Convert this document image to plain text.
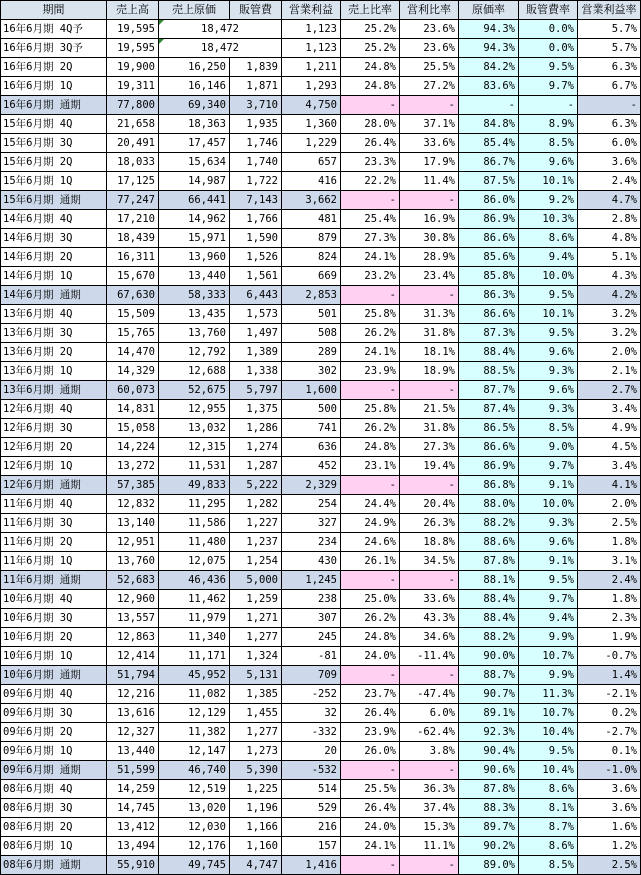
期間	売上高	売上原価	販管費	営業利益	売上比率	営利比率	原価率	販管費率	営業利益率
16年6月期 4Q予	19,595	18,472		1,123	25.2%	23.6%	94.3%	0.0%	5.7%
16年6月期 3Q予	19,595	18,472		1,123	25.2%	23.6%	94.3%	0.0%	5.7%
16年6月期 2Q	19,900	16,250	1,839	1,211	24.8%	25.5%	84.2%	9.5%	6.3%
16年6月期 1Q	19,311	16,146	1,871	1,293	24.8%	27.2%	83.6%	9.7%	6.7%
16年6月期 通期	77,800	69,340	3,710	4,750	-	-	-	-	-
15年6月期 4Q	21,658	18,363	1,935	1,360	28.0%	37.1%	84.8%	8.9%	6.3%
15年6月期 3Q	20,491	17,457	1,746	1,229	26.4%	33.6%	85.4%	8.5%	6.0%
15年6月期 2Q	18,033	15,634	1,740	657	23.3%	17.9%	86.7%	9.6%	3.6%
15年6月期 1Q	17,125	14,987	1,722	416	22.2%	11.4%	87.5%	10.1%	2.4%
15年6月期 通期	77,247	66,441	7,143	3,662	-	-	86.0%	9.2%	4.7%
14年6月期 4Q	17,210	14,962	1,766	481	25.4%	16.9%	86.9%	10.3%	2.8%
14年6月期 3Q	18,439	15,971	1,590	879	27.3%	30.8%	86.6%	8.6%	4.8%
14年6月期 2Q	16,311	13,960	1,526	824	24.1%	28.9%	85.6%	9.4%	5.1%
14年6月期 1Q	15,670	13,440	1,561	669	23.2%	23.4%	85.8%	10.0%	4.3%
14年6月期 通期	67,630	58,333	6,443	2,853	-	-	86.3%	9.5%	4.2%
13年6月期 4Q	15,509	13,435	1,573	501	25.8%	31.3%	86.6%	10.1%	3.2%
13年6月期 3Q	15,765	13,760	1,497	508	26.2%	31.8%	87.3%	9.5%	3.2%
13年6月期 2Q	14,470	12,792	1,389	289	24.1%	18.1%	88.4%	9.6%	2.0%
13年6月期 1Q	14,329	12,688	1,338	302	23.9%	18.9%	88.5%	9.3%	2.1%
13年6月期 通期	60,073	52,675	5,797	1,600	-	-	87.7%	9.6%	2.7%
12年6月期 4Q	14,831	12,955	1,375	500	25.8%	21.5%	87.4%	9.3%	3.4%
12年6月期 3Q	15,058	13,032	1,286	741	26.2%	31.8%	86.5%	8.5%	4.9%
12年6月期 2Q	14,224	12,315	1,274	636	24.8%	27.3%	86.6%	9.0%	4.5%
12年6月期 1Q	13,272	11,531	1,287	452	23.1%	19.4%	86.9%	9.7%	3.4%
12年6月期 通期	57,385	49,833	5,222	2,329	-	-	86.8%	9.1%	4.1%
11年6月期 4Q	12,832	11,295	1,282	254	24.4%	20.4%	88.0%	10.0%	2.0%
11年6月期 3Q	13,140	11,586	1,227	327	24.9%	26.3%	88.2%	9.3%	2.5%
11年6月期 2Q	12,951	11,480	1,237	234	24.6%	18.8%	88.6%	9.6%	1.8%
11年6月期 1Q	13,760	12,075	1,254	430	26.1%	34.5%	87.8%	9.1%	3.1%
11年6月期 通期	52,683	46,436	5,000	1,245	-	-	88.1%	9.5%	2.4%
10年6月期 4Q	12,960	11,462	1,259	238	25.0%	33.6%	88.4%	9.7%	1.8%
10年6月期 3Q	13,557	11,979	1,271	307	26.2%	43.3%	88.4%	9.4%	2.3%
10年6月期 2Q	12,863	11,340	1,277	245	24.8%	34.6%	88.2%	9.9%	1.9%
10年6月期 1Q	12,414	11,171	1,324	-81	24.0%	-11.4%	90.0%	10.7%	-0.7%
10年6月期 通期	51,794	45,952	5,131	709	-	-	88.7%	9.9%	1.4%
09年6月期 4Q	12,216	11,082	1,385	-252	23.7%	-47.4%	90.7%	11.3%	-2.1%
09年6月期 3Q	13,616	12,129	1,455	32	26.4%	6.0%	89.1%	10.7%	0.2%
09年6月期 2Q	12,327	11,382	1,277	-332	23.9%	-62.4%	92.3%	10.4%	-2.7%
09年6月期 1Q	13,440	12,147	1,273	20	26.0%	3.8%	90.4%	9.5%	0.1%
09年6月期 通期	51,599	46,740	5,390	-532	-	-	90.6%	10.4%	-1.0%
08年6月期 4Q	14,259	12,519	1,225	514	25.5%	36.3%	87.8%	8.6%	3.6%
08年6月期 3Q	14,745	13,020	1,196	529	26.4%	37.4%	88.3%	8.1%	3.6%
08年6月期 2Q	13,412	12,030	1,166	216	24.0%	15.3%	89.7%	8.7%	1.6%
08年6月期 1Q	13,494	12,176	1,160	157	24.1%	11.1%	90.2%	8.6%	1.2%
08年6月期 通期	55,910	49,745	4,747	1,416	-	-	89.0%	8.5%	2.5%
